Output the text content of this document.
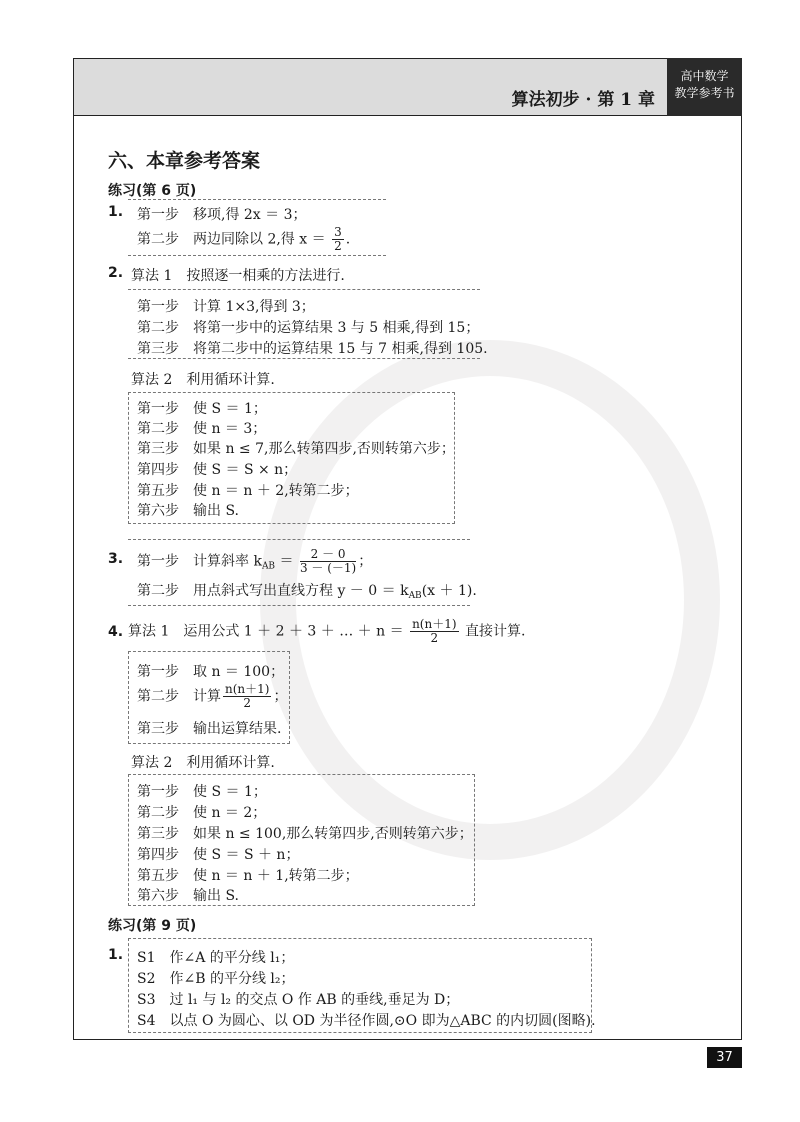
算法初步 · 第 1 章
高中数学
教学参考书
六、本章参考答案
练习(第 6 页)
1. 第一步　移项,得 2x ＝ 3；
第二步　两边同除以 2,得 $x = \frac{3}{2}$ .
2. 算法 1　按照逐一相乘的方法进行.
第一步　计算 1×3,得到 3；
第二步　将第一步中的运算结果 3 与 5 相乘,得到 15；
第三步　将第二步中的运算结果 15 与 7 相乘,得到 105.
算法 2　利用循环计算.
第一步　使 S ＝ 1；
第二步　使 n ＝ 3；
第三步　如果 n ≤ 7,那么转第四步,否则转第六步；
第四步　使 S ＝ S × n；
第五步　使 n ＝ n ＋ 2,转第二步；
第六步　输出 S.
3. 第一步　计算斜率 $k_{AB} = \frac{2 - 0}{3 - (-1)}$ ；
第二步　用点斜式写出直线方程 $y - 0 = k_{AB}(x + 1)$.
4. 算法 1　运用公式 1 ＋ 2 ＋ 3 ＋ … ＋ $n = \frac{n(n+1)}{2}$ 直接计算.
第一步　取 n ＝ 100；
第二步　计算 $\frac{n(n+1)}{2}$ ；
第三步　输出运算结果.
算法 2　利用循环计算.
第一步　使 S ＝ 1；
第二步　使 n ＝ 2；
第三步　如果 n ≤ 100,那么转第四步,否则转第六步；
第四步　使 S ＝ S ＋ n；
第五步　使 n ＝ n ＋ 1,转第二步；
第六步　输出 S.
练习(第 9 页)
1. S1　作∠A 的平分线 l₁；
S2　作∠B 的平分线 l₂；
S3　过 l₁ 与 l₂ 的交点 O 作 AB 的垂线,垂足为 D；
S4　以点 O 为圆心、以 OD 为半径作圆,⊙O 即为△ABC 的内切圆(图略).
37
